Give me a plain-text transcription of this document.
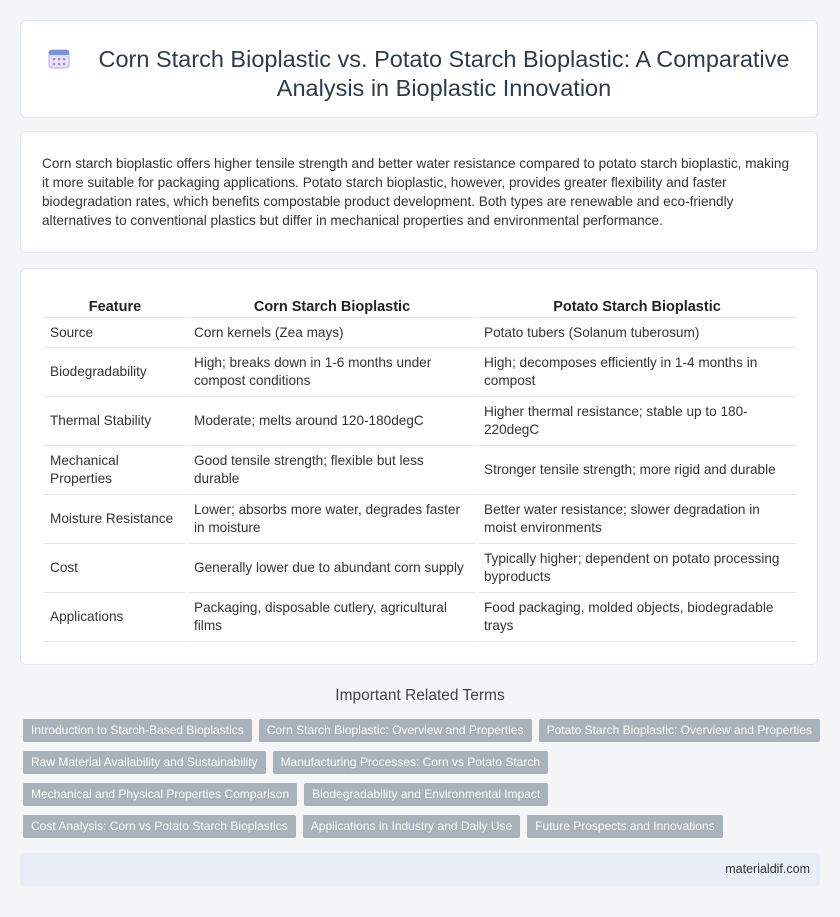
Corn Starch Bioplastic vs. Potato Starch Bioplastic: A Comparative Analysis in Bioplastic Innovation

Corn starch bioplastic offers higher tensile strength and better water resistance compared to potato starch bioplastic, making it more suitable for packaging applications. Potato starch bioplastic, however, provides greater flexibility and faster biodegradation rates, which benefits compostable product development. Both types are renewable and eco-friendly alternatives to conventional plastics but differ in mechanical properties and environmental performance.

Feature	Corn Starch Bioplastic	Potato Starch Bioplastic
Source	Corn kernels (Zea mays)	Potato tubers (Solanum tuberosum)
Biodegradability	High; breaks down in 1-6 months under compost conditions	High; decomposes efficiently in 1-4 months in compost
Thermal Stability	Moderate; melts around 120-180degC	Higher thermal resistance; stable up to 180-220degC
Mechanical Properties	Good tensile strength; flexible but less durable	Stronger tensile strength; more rigid and durable
Moisture Resistance	Lower; absorbs more water, degrades faster in moisture	Better water resistance; slower degradation in moist environments
Cost	Generally lower due to abundant corn supply	Typically higher; dependent on potato processing byproducts
Applications	Packaging, disposable cutlery, agricultural films	Food packaging, molded objects, biodegradable trays
Important Related Terms
Introduction to Starch-Based Bioplastics	Corn Starch Bioplastic: Overview and Properties	Potato Starch Bioplastic: Overview and Properties
Raw Material Availability and Sustainability	Manufacturing Processes: Corn vs Potato Starch
Mechanical and Physical Properties Comparison	Biodegradability and Environmental Impact
Cost Analysis: Corn vs Potato Starch Bioplastics	Applications in Industry and Daily Use	Future Prospects and Innovations
materialdif.com
